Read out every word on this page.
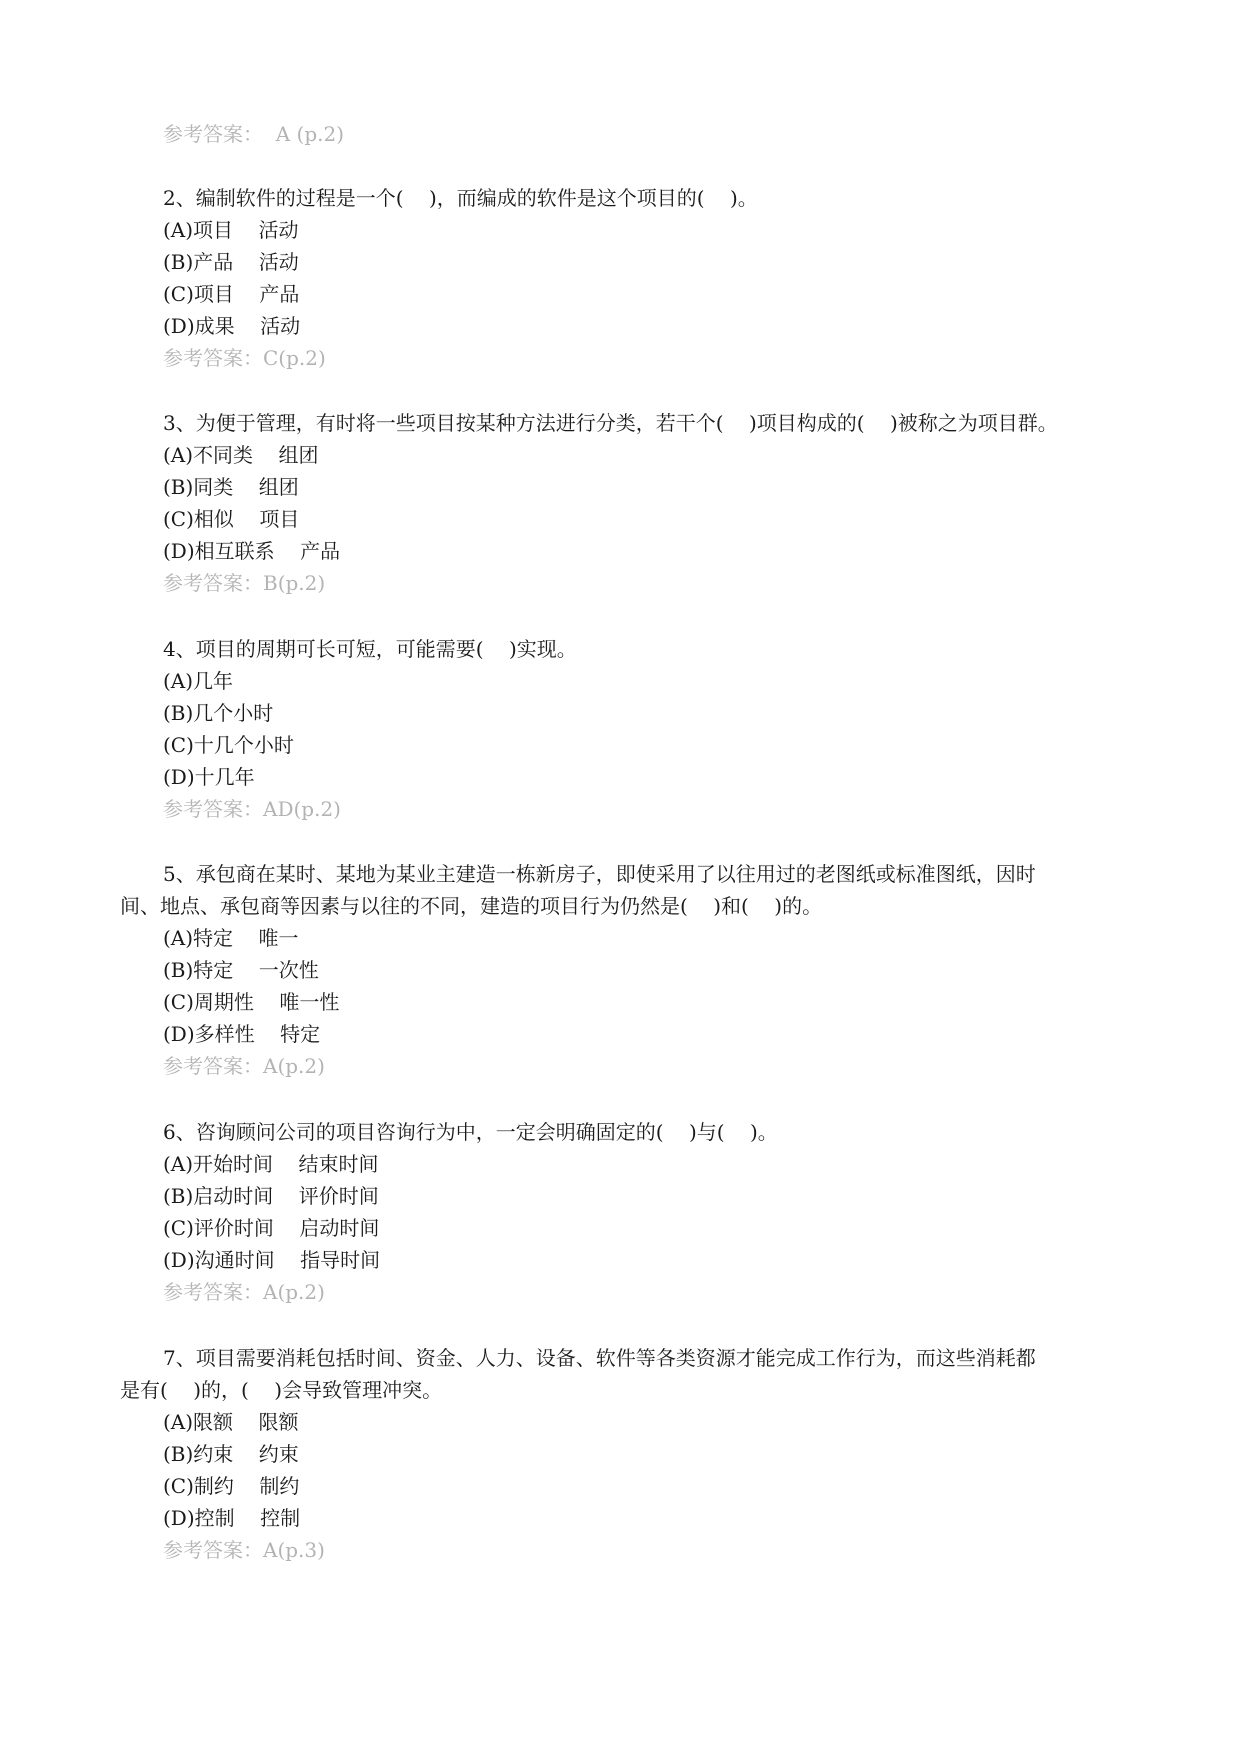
参考答案：  A (p.2)
2、编制软件的过程是一个(    )，而编成的软件是这个项目的(    )。
(A)项目    活动
(B)产品    活动
(C)项目    产品
(D)成果    活动
参考答案：C(p.2)
3、为便于管理，有时将一些项目按某种方法进行分类，若干个(    )项目构成的(    )被称之为项目群。
(A)不同类    组团
(B)同类    组团
(C)相似    项目
(D)相互联系    产品
参考答案：B(p.2)
4、项目的周期可长可短，可能需要(    )实现。
(A)几年
(B)几个小时
(C)十几个小时
(D)十几年
参考答案：AD(p.2)
5、承包商在某时、某地为某业主建造一栋新房子，即使采用了以往用过的老图纸或标准图纸，因时
间、地点、承包商等因素与以往的不同，建造的项目行为仍然是(    )和(    )的。
(A)特定    唯一
(B)特定    一次性
(C)周期性    唯一性
(D)多样性    特定
参考答案：A(p.2)
6、咨询顾问公司的项目咨询行为中，一定会明确固定的(    )与(    )。
(A)开始时间    结束时间
(B)启动时间    评价时间
(C)评价时间    启动时间
(D)沟通时间    指导时间
参考答案：A(p.2)
7、项目需要消耗包括时间、资金、人力、设备、软件等各类资源才能完成工作行为，而这些消耗都
是有(    )的，(    )会导致管理冲突。
(A)限额    限额
(B)约束    约束
(C)制约    制约
(D)控制    控制
参考答案：A(p.3)
